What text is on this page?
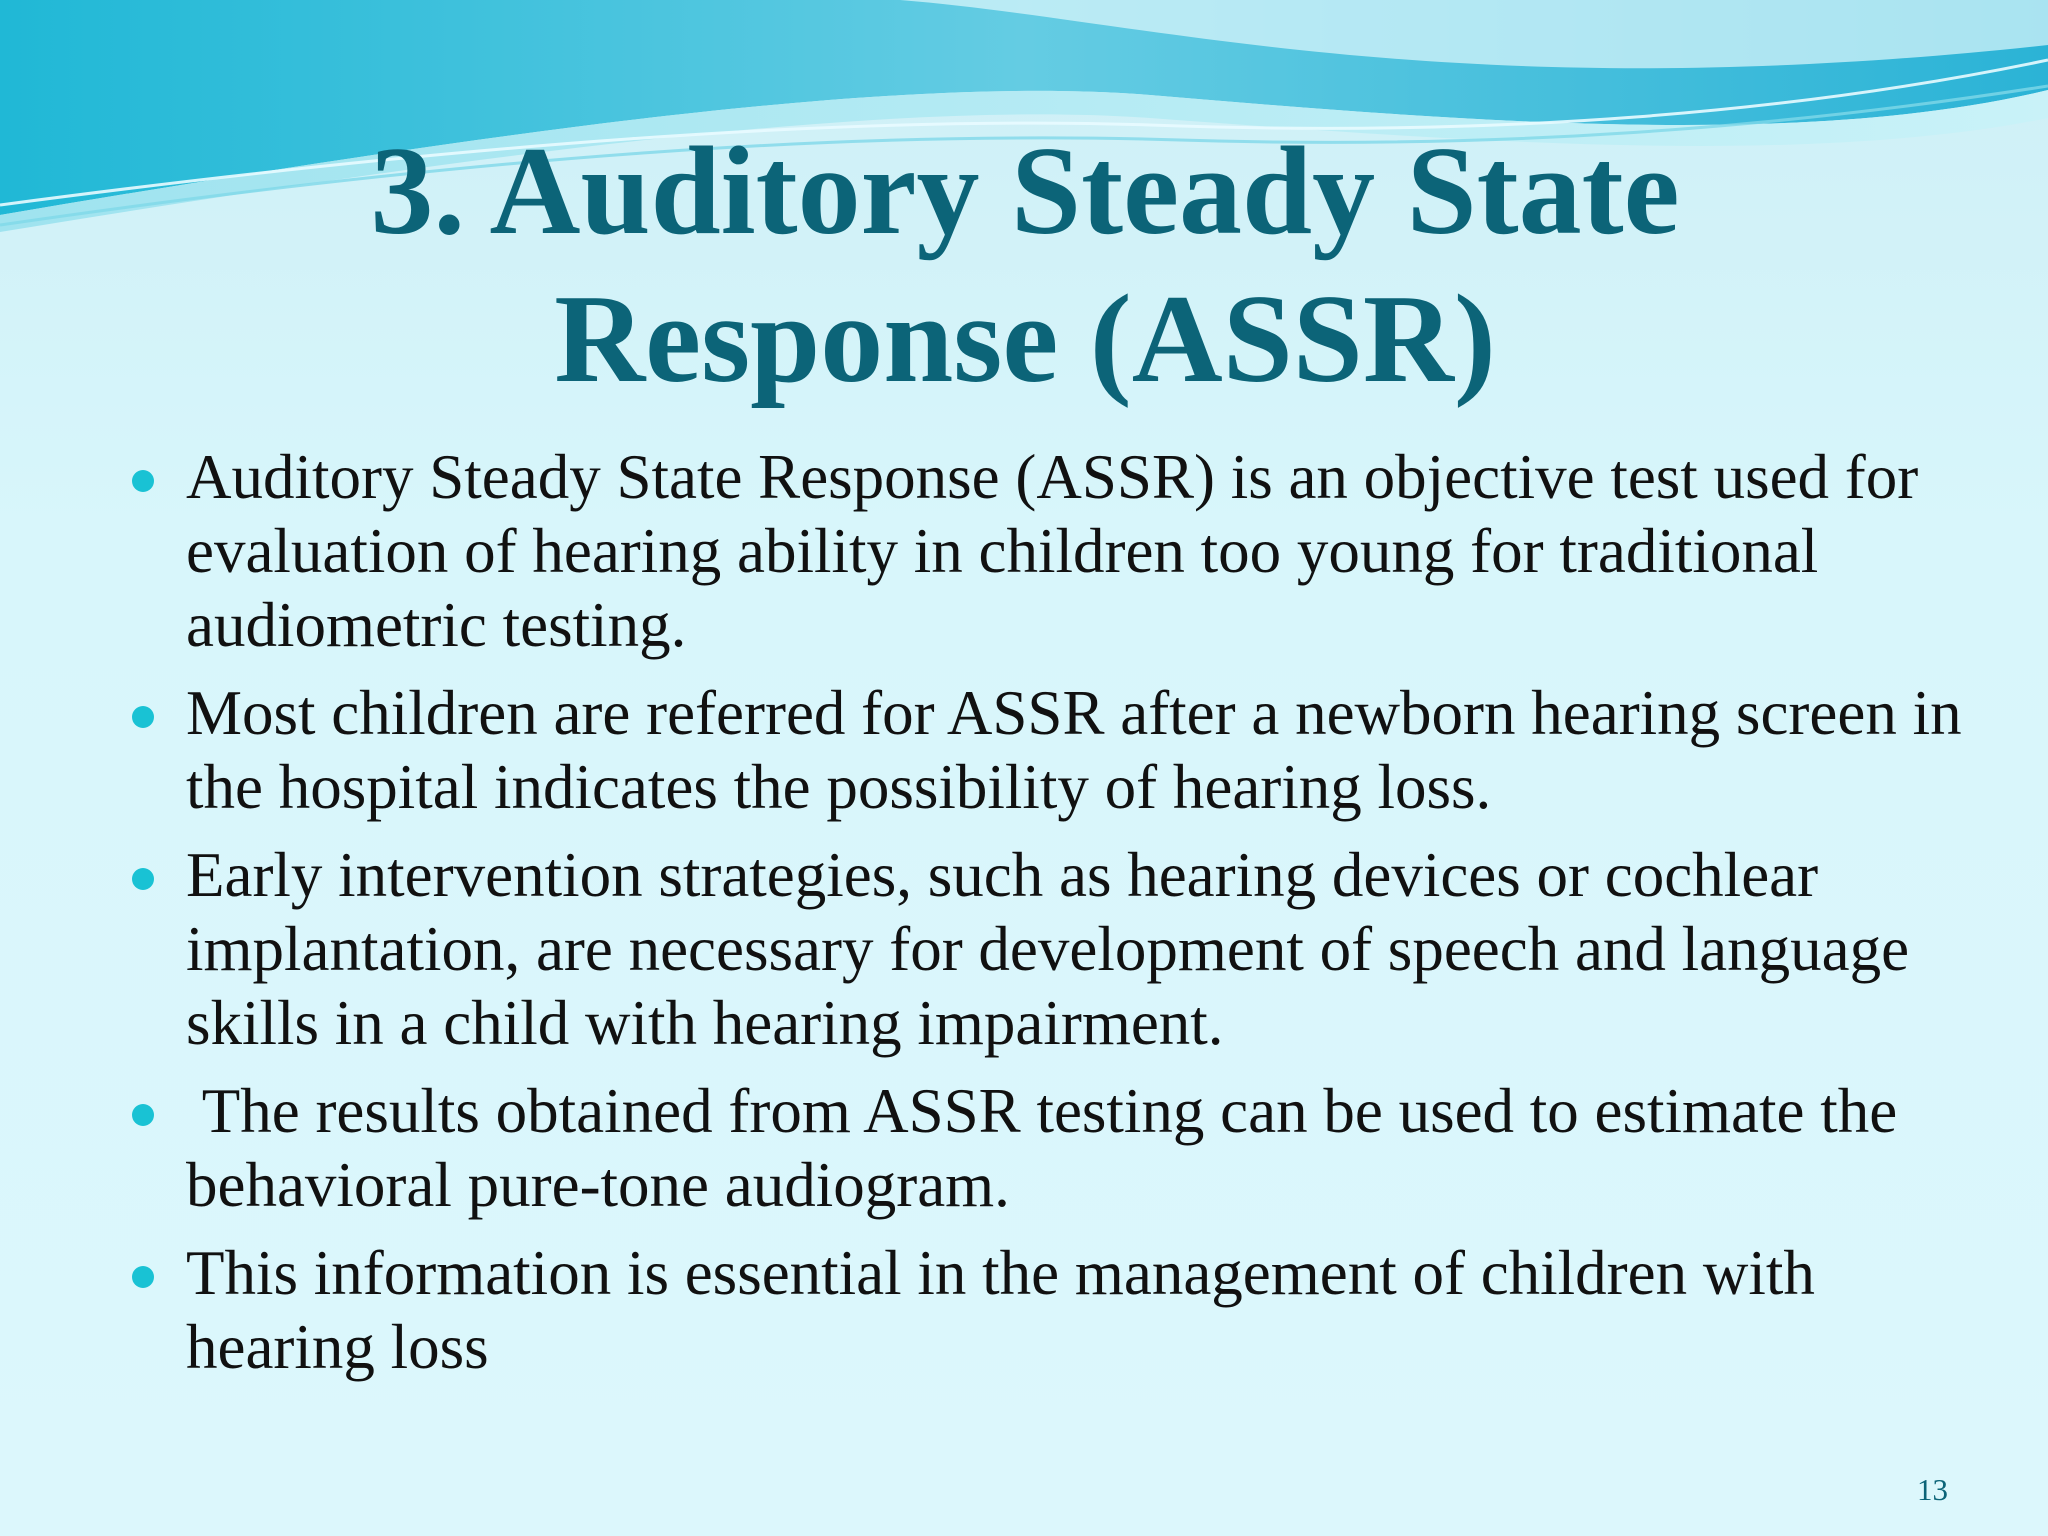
3. Auditory Steady State
Response (ASSR)
Auditory Steady State Response (ASSR) is an objective test used for evaluation of hearing ability in children too young for traditional audiometric testing.
Most children are referred for ASSR after a newborn hearing screen in the hospital indicates the possibility of hearing loss.
Early intervention strategies, such as hearing devices or cochlear implantation, are necessary for development of speech and language skills in a child with hearing impairment.
The results obtained from ASSR testing can be used to estimate the behavioral pure-tone audiogram.
This information is essential in the management of children with hearing loss
13
